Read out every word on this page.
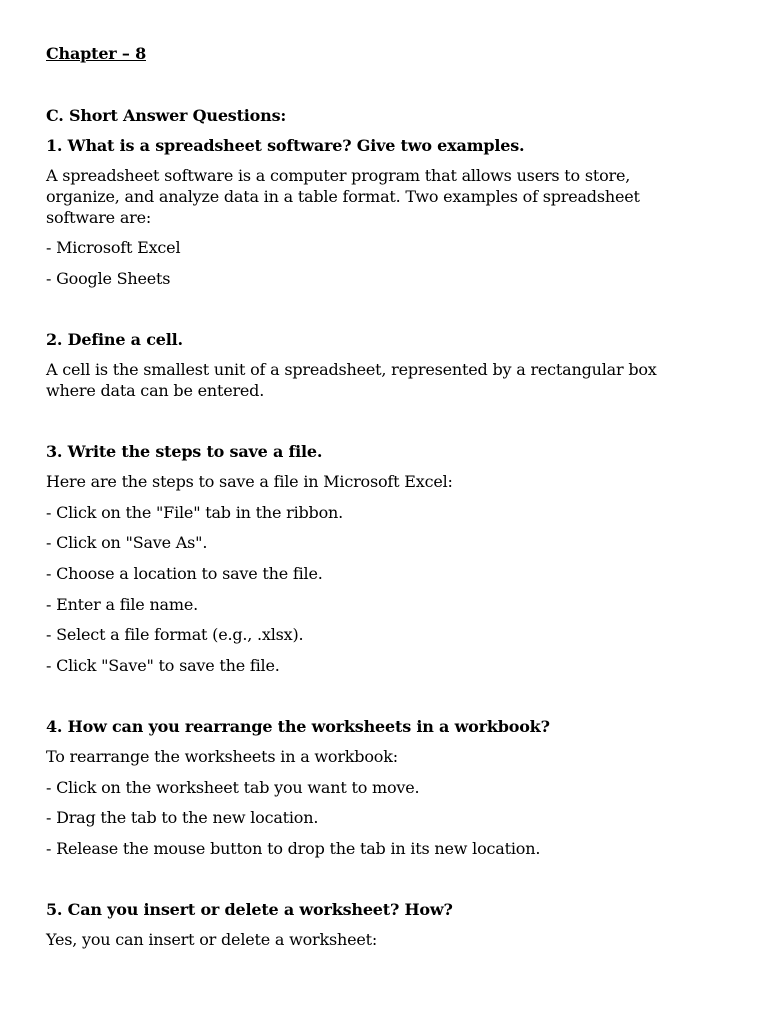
Chapter – 8
C. Short Answer Questions:
1. What is a spreadsheet software? Give two examples.
A spreadsheet software is a computer program that allows users to store,
organize, and analyze data in a table format. Two examples of spreadsheet
software are:
- Microsoft Excel
- Google Sheets
2. Define a cell.
A cell is the smallest unit of a spreadsheet, represented by a rectangular box
where data can be entered.
3. Write the steps to save a file.
Here are the steps to save a file in Microsoft Excel:
- Click on the "File" tab in the ribbon.
- Click on "Save As".
- Choose a location to save the file.
- Enter a file name.
- Select a file format (e.g., .xlsx).
- Click "Save" to save the file.
4. How can you rearrange the worksheets in a workbook?
To rearrange the worksheets in a workbook:
- Click on the worksheet tab you want to move.
- Drag the tab to the new location.
- Release the mouse button to drop the tab in its new location.
5. Can you insert or delete a worksheet? How?
Yes, you can insert or delete a worksheet:
